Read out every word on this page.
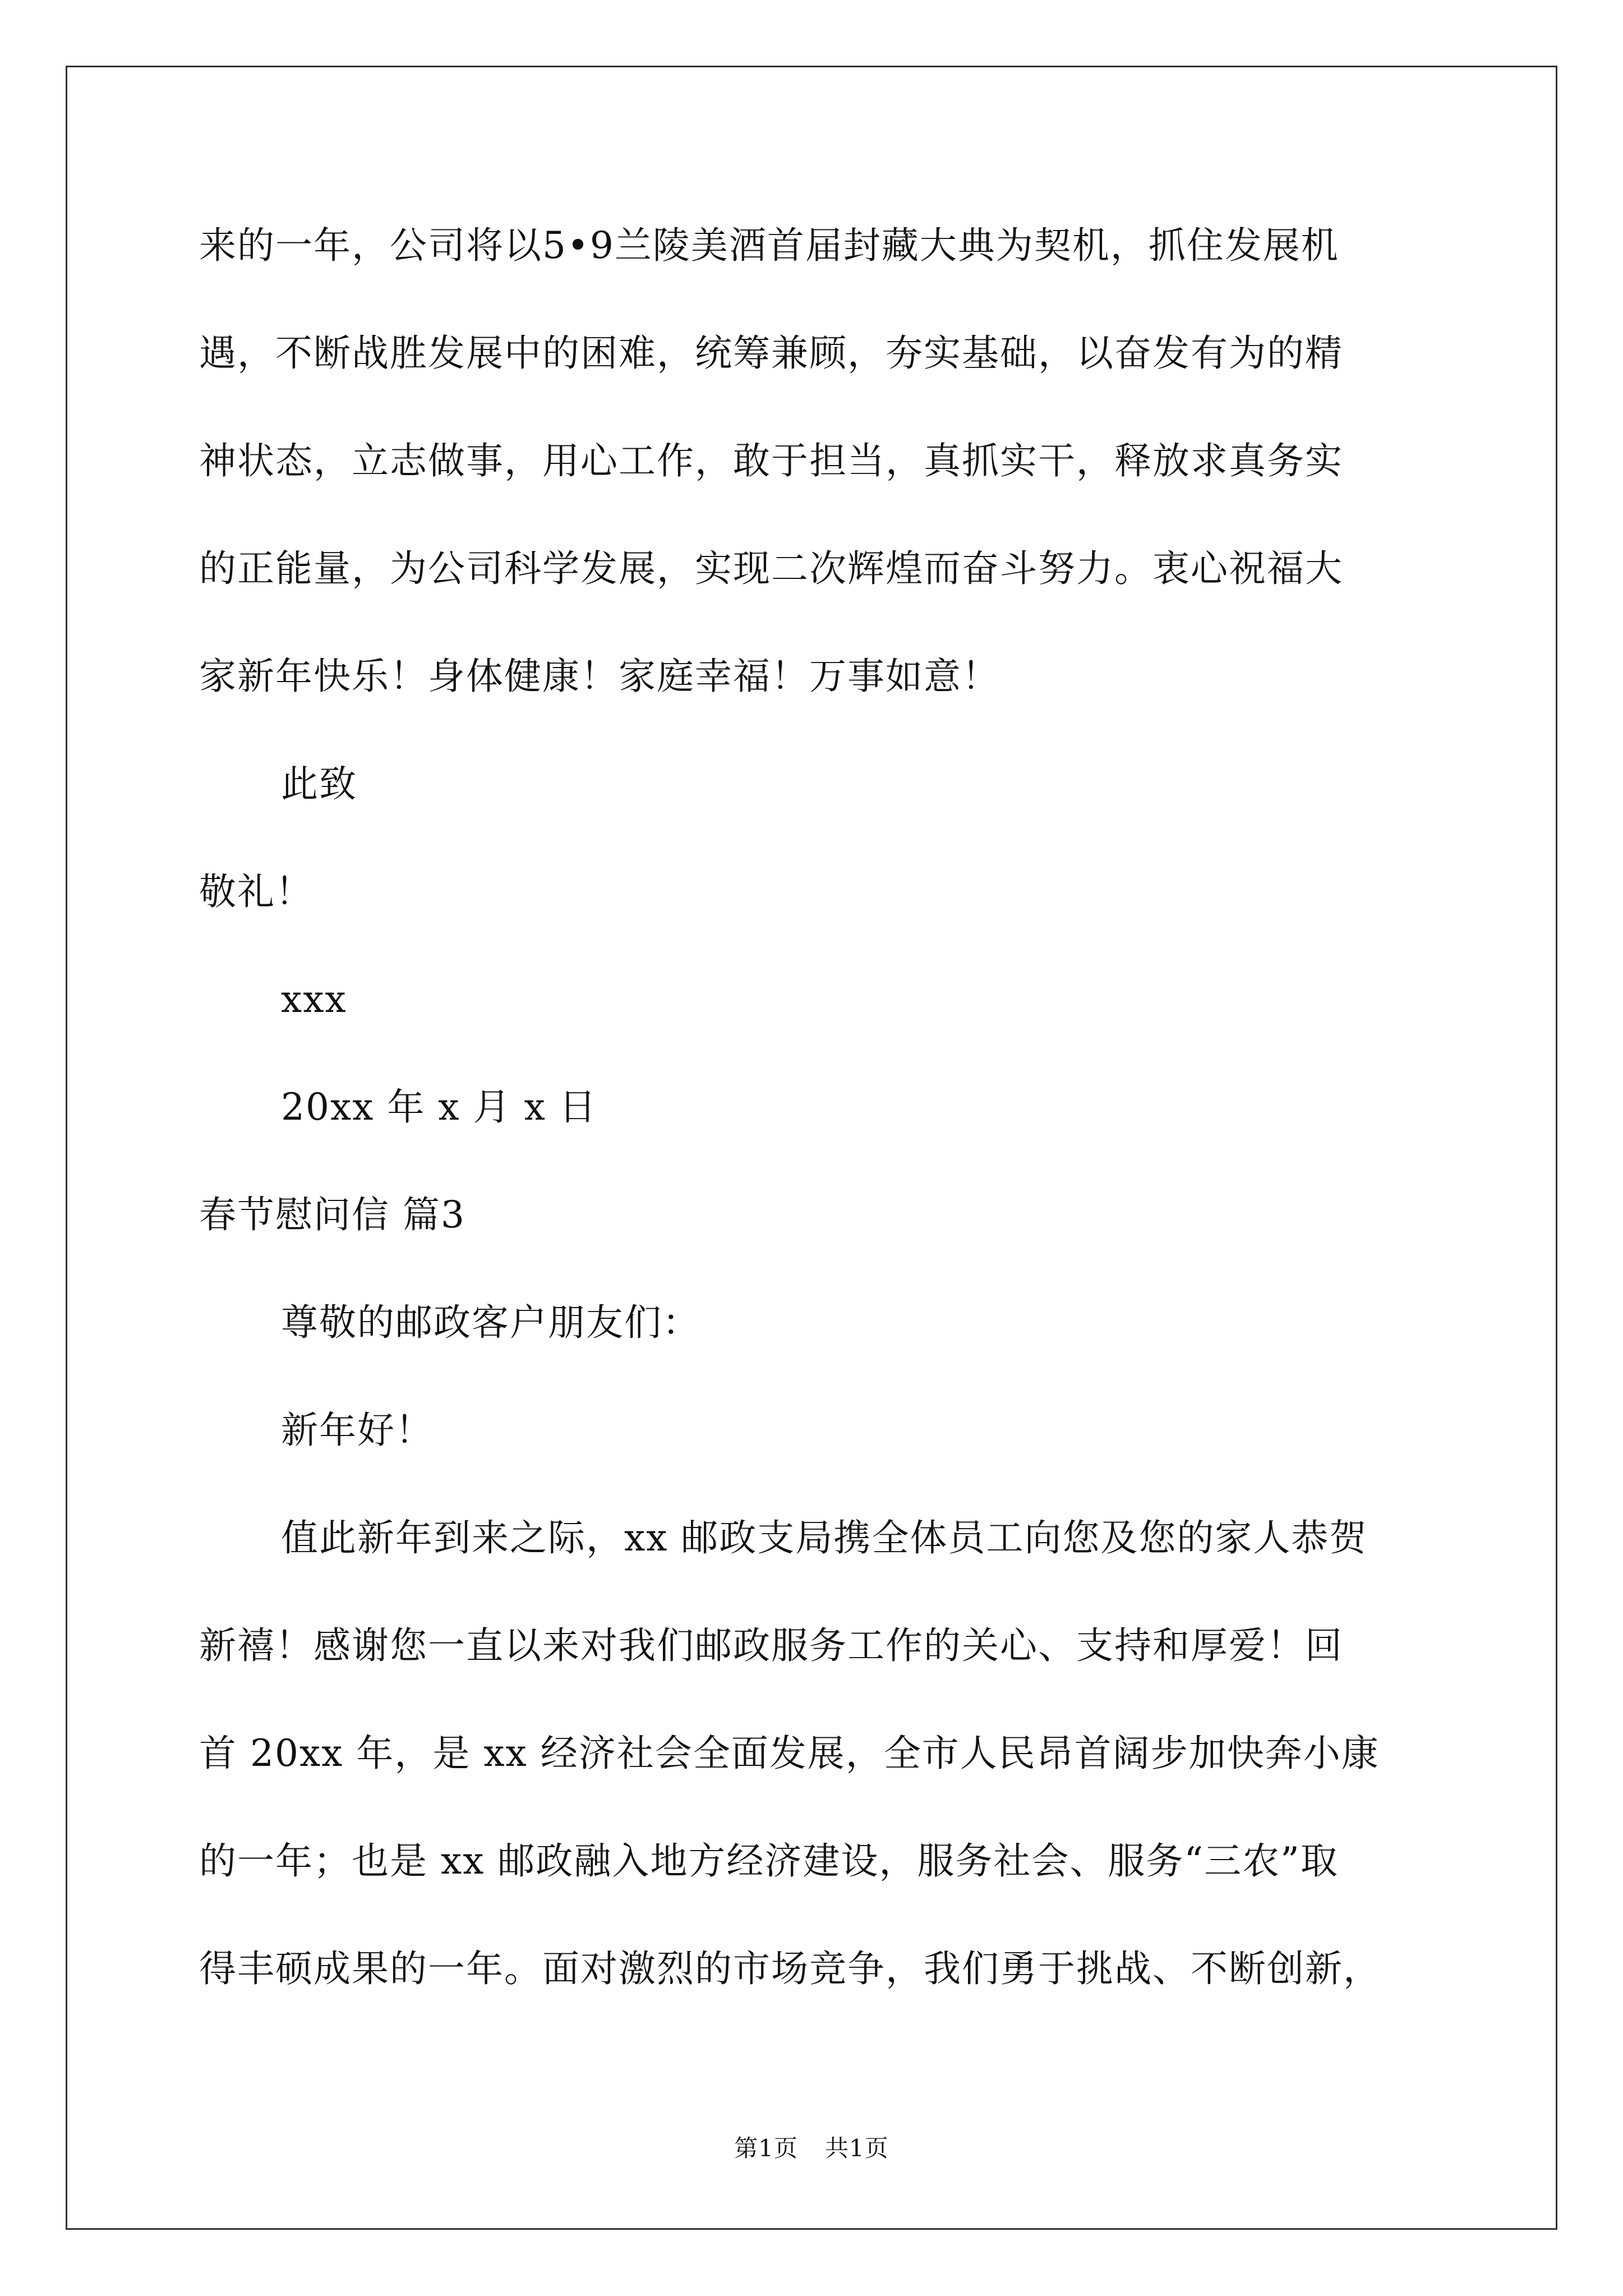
来的一年，公司将以5•9兰陵美酒首届封藏大典为契机，抓住发展机
遇，不断战胜发展中的困难，统筹兼顾，夯实基础，以奋发有为的精
神状态，立志做事，用心工作，敢于担当，真抓实干，释放求真务实
的正能量，为公司科学发展，实现二次辉煌而奋斗努力。衷心祝福大
家新年快乐！身体健康！家庭幸福！万事如意！
此致
敬礼！
xxx
20xx 年 x 月 x 日
春节慰问信 篇3
尊敬的邮政客户朋友们：
新年好！
值此新年到来之际，xx 邮政支局携全体员工向您及您的家人恭贺
新禧！感谢您一直以来对我们邮政服务工作的关心、支持和厚爱！回
首 20xx 年，是 xx 经济社会全面发展，全市人民昂首阔步加快奔小康
的一年；也是 xx 邮政融入地方经济建设，服务社会、服务“三农”取
得丰硕成果的一年。面对激烈的市场竞争，我们勇于挑战、不断创新，
第1页 共1页
